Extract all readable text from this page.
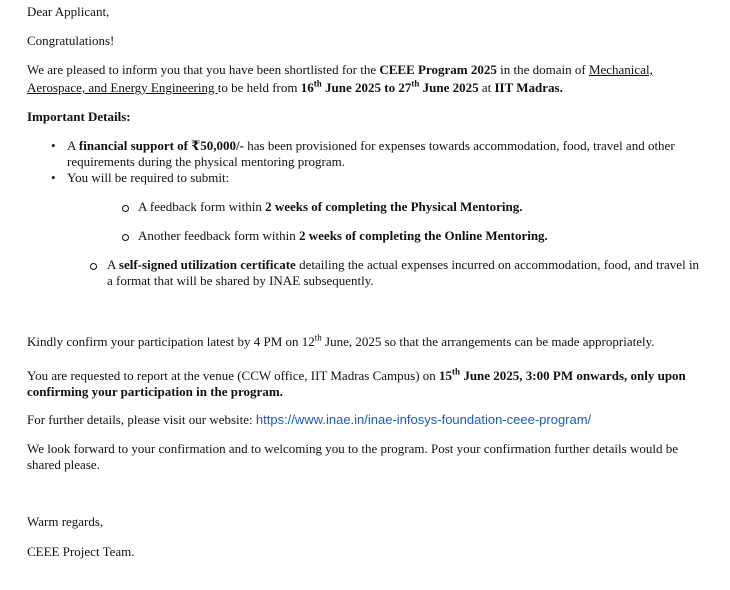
Dear Applicant,
Congratulations!
We are pleased to inform you that you have been shortlisted for the CEEE Program 2025 in the domain of Mechanical,
Aerospace, and Energy Engineering to be held from 16th June 2025 to 27th June 2025 at IIT Madras.
Important Details:
• A financial support of ₹50,000/- has been provisioned for expenses towards accommodation, food, travel and other
requirements during the physical mentoring program.
• You will be required to submit:
A feedback form within 2 weeks of completing the Physical Mentoring.
Another feedback form within 2 weeks of completing the Online Mentoring.
A self-signed utilization certificate detailing the actual expenses incurred on accommodation, food, and travel in
a format that will be shared by INAE subsequently.
Kindly confirm your participation latest by 4 PM on 12th June, 2025 so that the arrangements can be made appropriately.
You are requested to report at the venue (CCW office, IIT Madras Campus) on 15th June 2025, 3:00 PM onwards, only upon
confirming your participation in the program.
For further details, please visit our website: https://www.inae.in/inae-infosys-foundation-ceee-program/
We look forward to your confirmation and to welcoming you to the program. Post your confirmation further details would be
shared please.
Warm regards,
CEEE Project Team.
